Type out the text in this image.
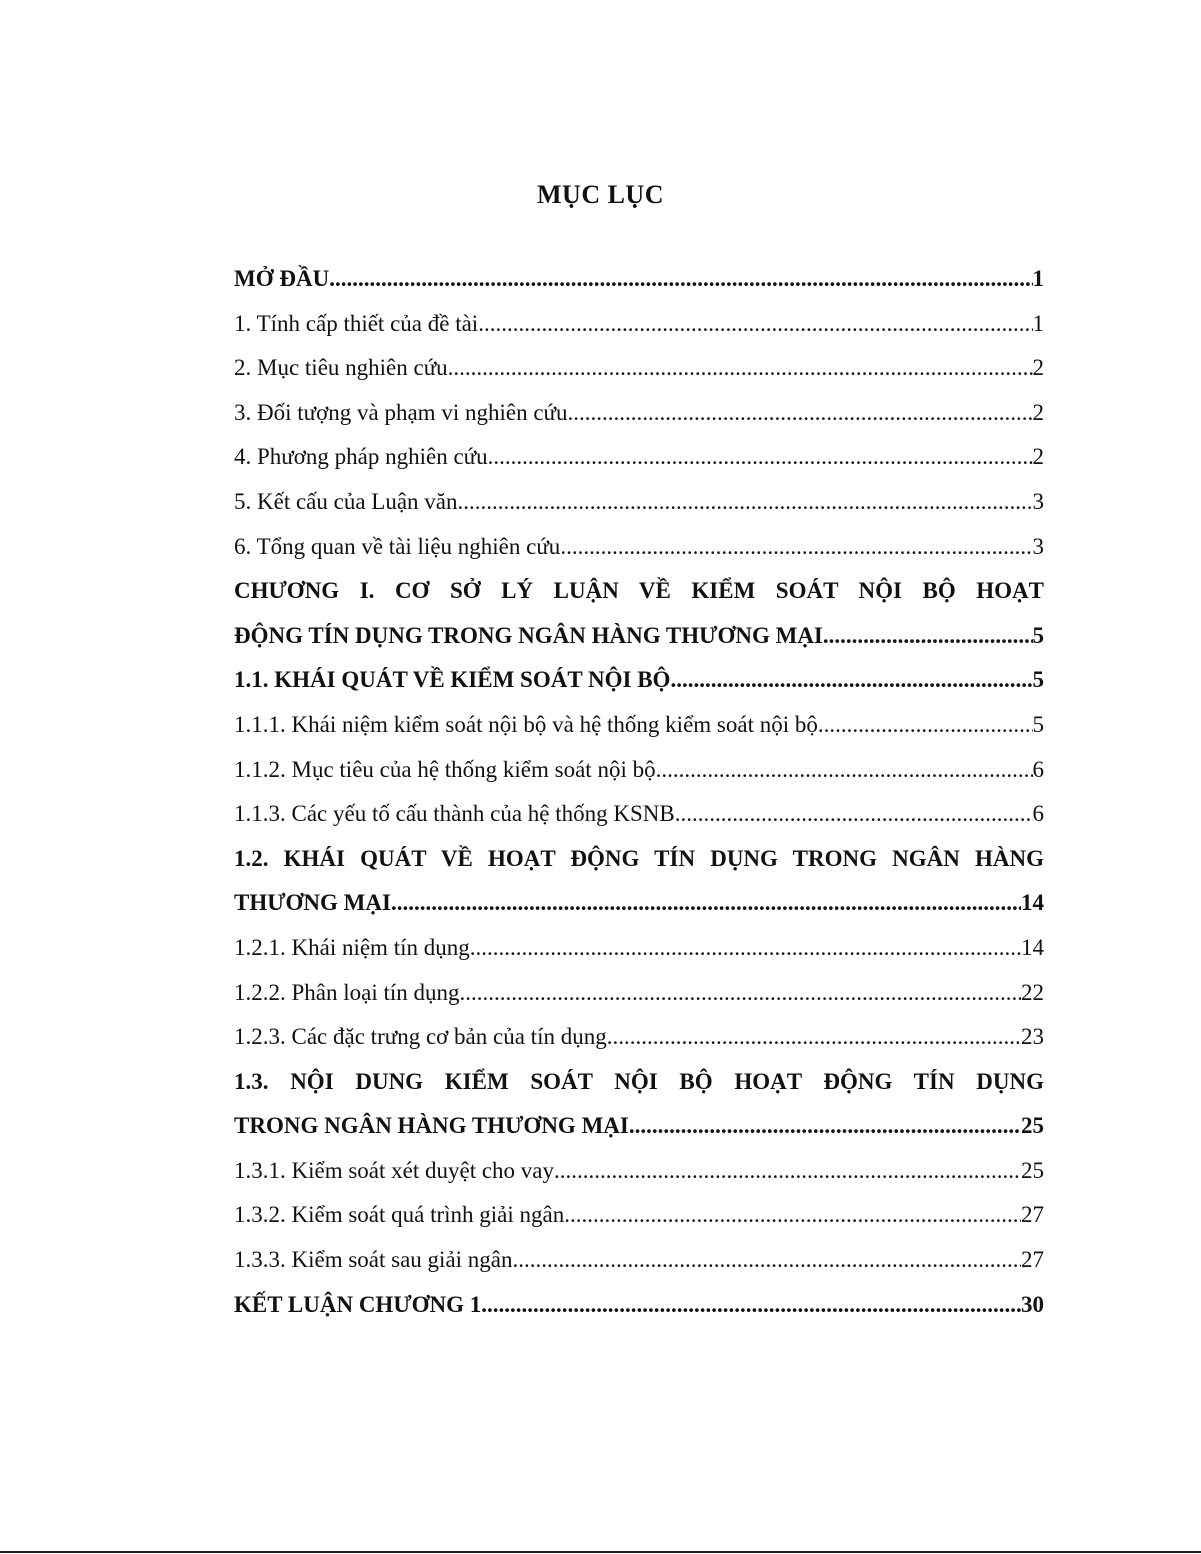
MỤC LỤC
MỞ ĐẦU .....	1
1. Tính cấp thiết của đề tài .....	1
2. Mục tiêu nghiên cứu .....	2
3. Đối tượng và phạm vi nghiên cứu .....	2
4. Phương pháp nghiên cứu .....	2
5. Kết cấu của Luận văn .....	3
6. Tổng quan về tài liệu nghiên cứu .....	3
CHƯƠNG I. CƠ SỞ LÝ LUẬN VỀ KIỂM SOÁT NỘI BỘ HOẠT
ĐỘNG TÍN DỤNG TRONG NGÂN HÀNG THƯƠNG MẠI .....	5
1.1. KHÁI QUÁT VỀ KIỂM SOÁT NỘI BỘ .....	5
1.1.1. Khái niệm kiểm soát nội bộ và hệ thống kiểm soát nội bộ .....	5
1.1.2. Mục tiêu của hệ thống kiểm soát nội bộ .....	6
1.1.3. Các yếu tố cấu thành của hệ thống KSNB .....	6
1.2. KHÁI QUÁT VỀ HOẠT ĐỘNG TÍN DỤNG TRONG NGÂN HÀNG
THƯƠNG MẠI .....	14
1.2.1. Khái niệm tín dụng .....	14
1.2.2. Phân loại tín dụng .....	22
1.2.3. Các đặc trưng cơ bản của tín dụng .....	23
1.3. NỘI DUNG KIỂM SOÁT NỘI BỘ HOẠT ĐỘNG TÍN DỤNG
TRONG NGÂN HÀNG THƯƠNG MẠI .....	25
1.3.1. Kiểm soát xét duyệt cho vay .....	25
1.3.2. Kiểm soát quá trình giải ngân .....	27
1.3.3. Kiểm soát sau giải ngân .....	27
KẾT LUẬN CHƯƠNG 1 .....	30
